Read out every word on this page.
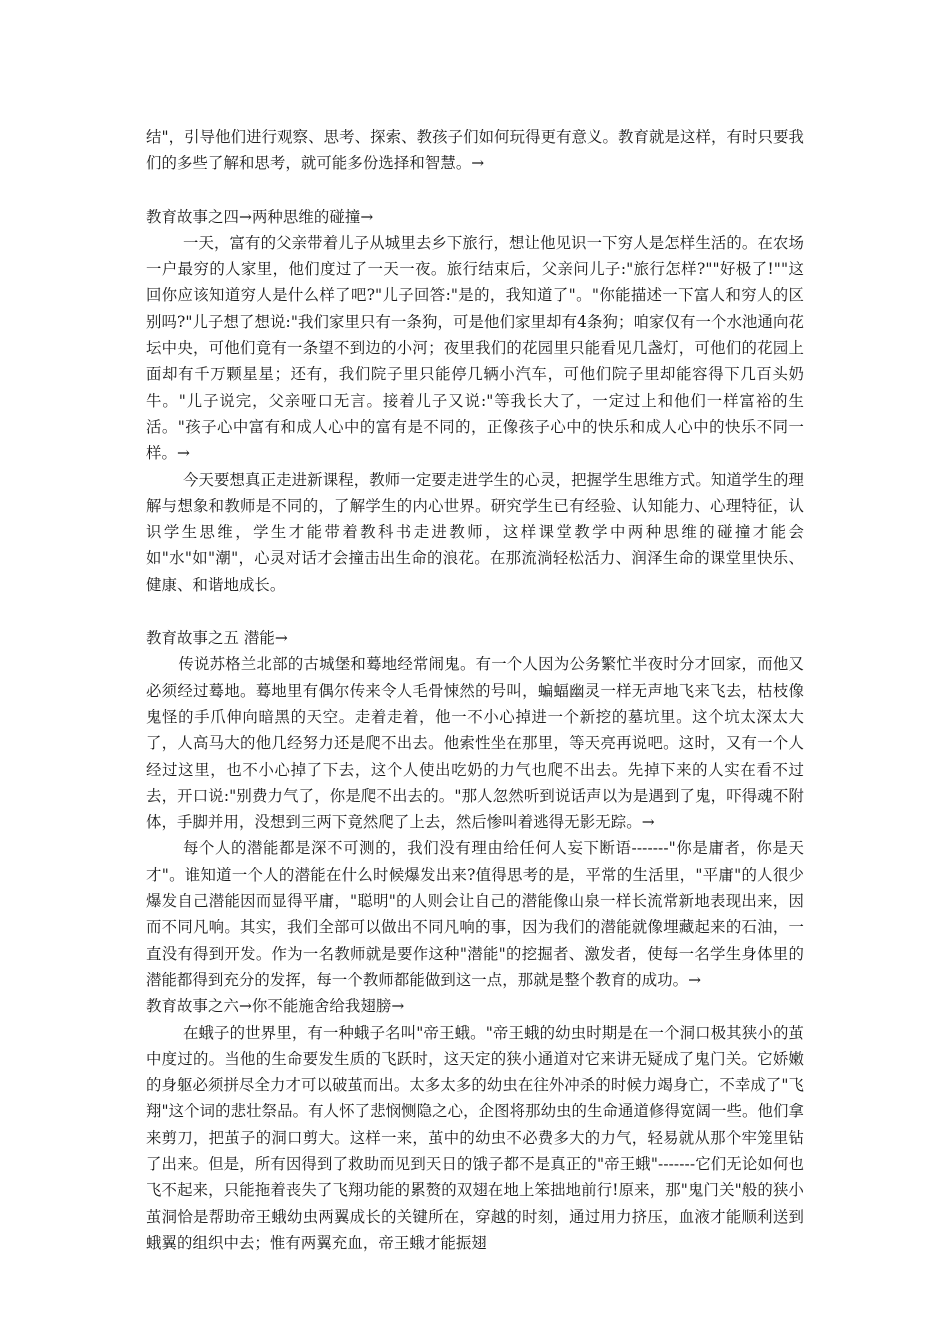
结"，引导他们进行观察、思考、探索、教孩子们如何玩得更有意义。教育就是这样，有时只要我们的多些了解和思考，就可能多份选择和智慧。→

教育故事之四→两种思维的碰撞→

一天，富有的父亲带着儿子从城里去乡下旅行，想让他见识一下穷人是怎样生活的。在农场一户最穷的人家里，他们度过了一天一夜。旅行结束后，父亲问儿子:"旅行怎样?""好极了!""这回你应该知道穷人是什么样了吧?"儿子回答:"是的，我知道了"。"你能描述一下富人和穷人的区别吗?"儿子想了想说:"我们家里只有一条狗，可是他们家里却有4条狗；咱家仅有一个水池通向花坛中央，可他们竟有一条望不到边的小河；夜里我们的花园里只能看见几盏灯，可他们的花园上面却有千万颗星星；还有，我们院子里只能停几辆小汽车，可他们院子里却能容得下几百头奶牛。"儿子说完，父亲哑口无言。接着儿子又说:"等我长大了，一定过上和他们一样富裕的生活。"孩子心中富有和成人心中的富有是不同的，正像孩子心中的快乐和成人心中的快乐不同一样。→

今天要想真正走进新课程，教师一定要走进学生的心灵，把握学生思维方式。知道学生的理解与想象和教师是不同的，了解学生的内心世界。研究学生已有经验、认知能力、心理特征，认识学生思维，学生才能带着教科书走进教师，这样课堂教学中两种思维的碰撞才能会如"水"如"潮"，心灵对话才会撞击出生命的浪花。在那流淌轻松活力、润泽生命的课堂里快乐、健康、和谐地成长。

教育故事之五 潜能→

传说苏格兰北部的古城堡和蓦地经常闹鬼。有一个人因为公务繁忙半夜时分才回家，而他又必须经过蓦地。蓦地里有偶尔传来令人毛骨悚然的号叫，蝙蝠幽灵一样无声地飞来飞去，枯枝像鬼怪的手爪伸向暗黑的天空。走着走着，他一不小心掉进一个新挖的墓坑里。这个坑太深太大了，人高马大的他几经努力还是爬不出去。他索性坐在那里，等天亮再说吧。这时，又有一个人经过这里，也不小心掉了下去，这个人使出吃奶的力气也爬不出去。先掉下来的人实在看不过去，开口说:"别费力气了，你是爬不出去的。"那人忽然听到说话声以为是遇到了鬼，吓得魂不附体，手脚并用，没想到三两下竟然爬了上去，然后惨叫着逃得无影无踪。→

每个人的潜能都是深不可测的，我们没有理由给任何人妄下断语-------"你是庸者，你是天才"。谁知道一个人的潜能在什么时候爆发出来?值得思考的是，平常的生活里，"平庸"的人很少爆发自己潜能因而显得平庸，"聪明"的人则会让自己的潜能像山泉一样长流常新地表现出来，因而不同凡响。其实，我们全部可以做出不同凡响的事，因为我们的潜能就像埋藏起来的石油，一直没有得到开发。作为一名教师就是要作这种"潜能"的挖掘者、激发者，使每一名学生身体里的潜能都得到充分的发挥，每一个教师都能做到这一点，那就是整个教育的成功。→

教育故事之六→你不能施舍给我翅膀→

在蛾子的世界里，有一种蛾子名叫"帝王蛾。"帝王蛾的幼虫时期是在一个洞口极其狭小的茧中度过的。当他的生命要发生质的飞跃时，这天定的狭小通道对它来讲无疑成了鬼门关。它娇嫩的身躯必须拼尽全力才可以破茧而出。太多太多的幼虫在往外冲杀的时候力竭身亡，不幸成了"飞翔"这个词的悲壮祭品。有人怀了悲悯恻隐之心，企图将那幼虫的生命通道修得宽阔一些。他们拿来剪刀，把茧子的洞口剪大。这样一来，茧中的幼虫不必费多大的力气，轻易就从那个牢笼里钻了出来。但是，所有因得到了救助而见到天日的饿子都不是真正的"帝王蛾"-------它们无论如何也飞不起来，只能拖着丧失了飞翔功能的累赘的双翅在地上笨拙地前行!原来，那"鬼门关"般的狭小茧洞恰是帮助帝王蛾幼虫两翼成长的关键所在，穿越的时刻，通过用力挤压，血液才能顺利送到蛾翼的组织中去；惟有两翼充血，帝王蛾才能振翅
